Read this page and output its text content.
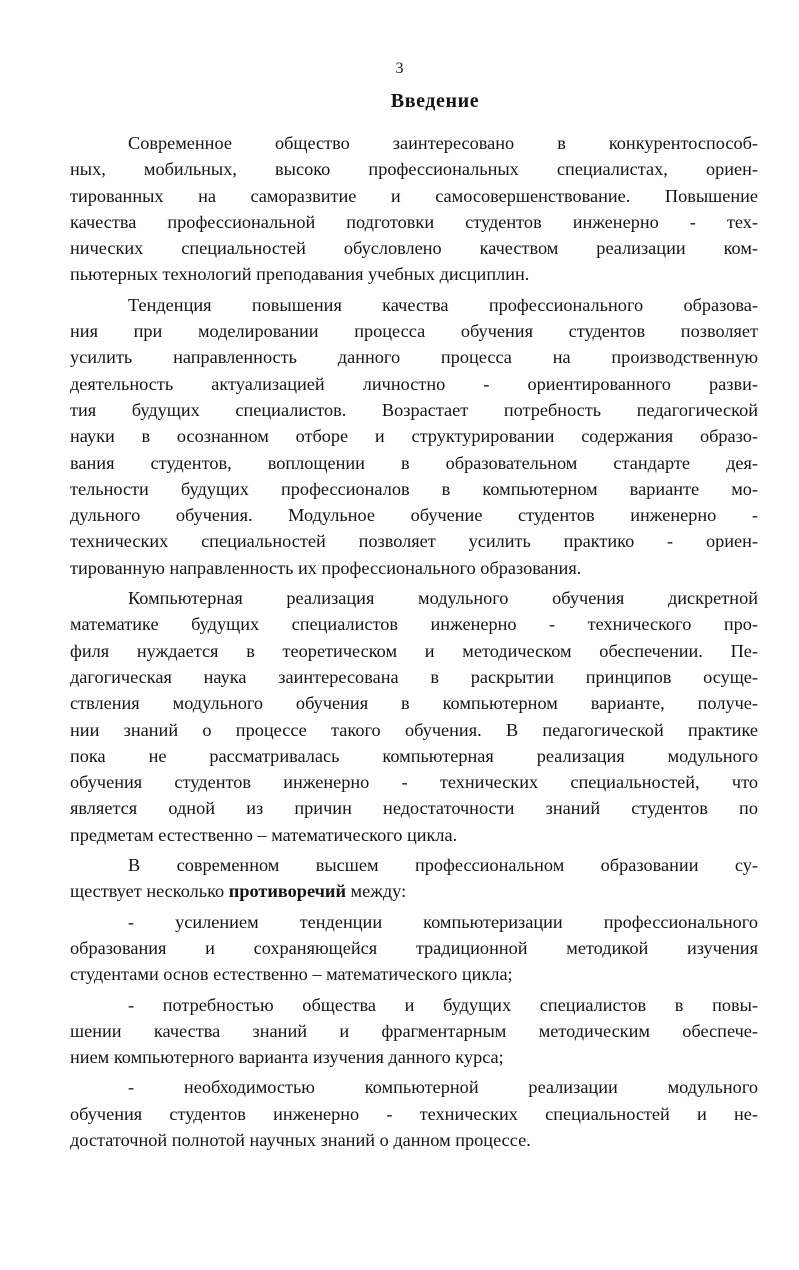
3
Введение

Современное общество заинтересовано в конкурентоспособ-
ных, мобильных, высоко профессиональных специалистах, ориен-
тированных на саморазвитие и самосовершенствование. Повышение
качества профессиональной подготовки студентов инженерно - тех-
нических специальностей обусловлено качеством реализации ком-
пьютерных технологий преподавания учебных дисциплин.

Тенденция повышения качества профессионального образова-
ния при моделировании процесса обучения студентов позволяет
усилить направленность данного процесса на производственную
деятельность актуализацией личностно - ориентированного разви-
тия будущих специалистов. Возрастает потребность педагогической
науки в осознанном отборе и структурировании содержания образо-
вания студентов, воплощении в образовательном стандарте дея-
тельности будущих профессионалов в компьютерном варианте мо-
дульного обучения. Модульное обучение студентов инженерно -
технических специальностей позволяет усилить практико - ориен-
тированную направленность их профессионального образования.

Компьютерная реализация модульного обучения дискретной
математике будущих специалистов инженерно - технического про-
филя нуждается в теоретическом и методическом обеспечении. Пе-
дагогическая наука заинтересована в раскрытии принципов осуще-
ствления модульного обучения в компьютерном варианте, получе-
нии знаний о процессе такого обучения. В педагогической практике
пока не рассматривалась компьютерная реализация модульного
обучения студентов инженерно - технических специальностей, что
является одной из причин недостаточности знаний студентов по
предметам естественно – математического цикла.

В современном высшем профессиональном образовании су-
ществует несколько противоречий между:

- усилением тенденции компьютеризации профессионального
образования и сохраняющейся традиционной методикой изучения
студентами основ естественно – математического цикла;

- потребностью общества и будущих специалистов в повы-
шении качества знаний и фрагментарным методическим обеспече-
нием компьютерного варианта изучения данного курса;

- необходимостью компьютерной реализации модульного
обучения студентов инженерно - технических специальностей и не-
достаточной полнотой научных знаний о данном процессе.
